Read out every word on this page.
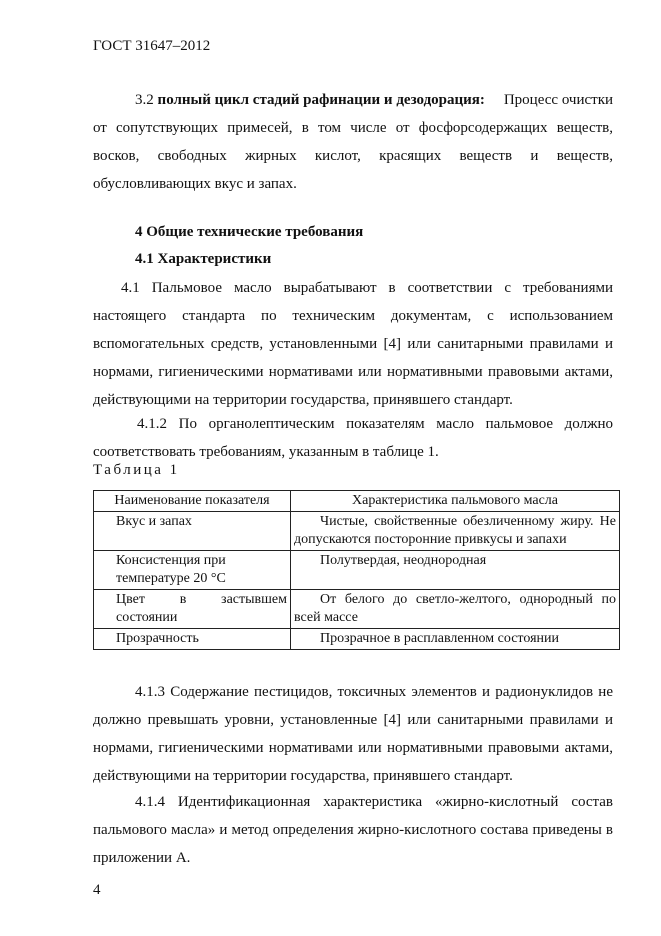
ГОСТ 31647–2012

3.2 полный цикл стадий рафинации и дезодорация: Процесс очистки от сопутствующих примесей, в том числе от фосфорсодержащих веществ, восков, свободных жирных кислот, красящих веществ и веществ, обусловливающих вкус и запах.

4 Общие технические требования

4.1 Характеристики

4.1 Пальмовое масло вырабатывают в соответствии с требованиями настоящего стандарта по техническим документам, с использованием вспомогательных средств, установленными [4] или санитарными правилами и нормами, гигиеническими нормативами или нормативными правовыми актами, действующими на территории государства, принявшего стандарт.

4.1.2 По органолептическим показателям масло пальмовое должно соответствовать требованиям, указанным в таблице 1.

Таблица 1
Наименование показателя	Характеристика пальмового масла
Вкус и запах	Чистые, свойственные обезличенному жиру. Не допускаются посторонние привкусы и запахи
Консистенция при температуре 20 °С	Полутвердая, неоднородная
Цвет в застывшем состоянии	От белого до светло-желтого, однородный по всей массе
Прозрачность	Прозрачное в расплавленном состоянии

4.1.3 Содержание пестицидов, токсичных элементов и радионуклидов не должно превышать уровни, установленные [4] или санитарными правилами и нормами, гигиеническими нормативами или нормативными правовыми актами, действующими на территории государства, принявшего стандарт.

4.1.4 Идентификационная характеристика «жирно-кислотный состав пальмового масла» и метод определения жирно-кислотного состава приведены в приложении А.

4
